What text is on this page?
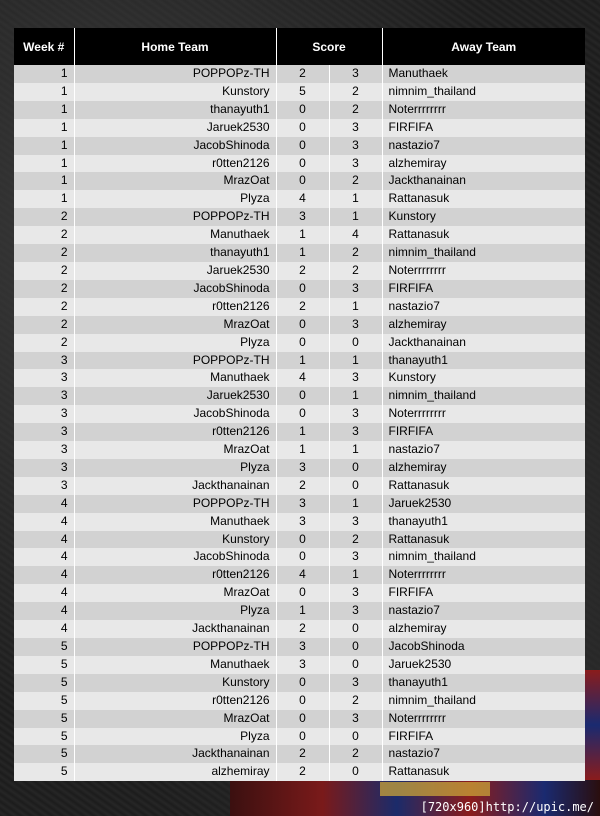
Week #	Home Team	Score		Away Team
1	POPPOPz-TH	2	3	Manuthaek
1	Kunstory	5	2	nimnim_thailand
1	thanayuth1	0	2	Noterrrrrrrr
1	Jaruek2530	0	3	FIRFIFA
1	JacobShinoda	0	3	nastazio7
1	r0tten2126	0	3	alzhemiray
1	MrazOat	0	2	Jackthanainan
1	Plyza	4	1	Rattanasuk
2	POPPOPz-TH	3	1	Kunstory
2	Manuthaek	1	4	Rattanasuk
2	thanayuth1	1	2	nimnim_thailand
2	Jaruek2530	2	2	Noterrrrrrrr
2	JacobShinoda	0	3	FIRFIFA
2	r0tten2126	2	1	nastazio7
2	MrazOat	0	3	alzhemiray
2	Plyza	0	0	Jackthanainan
3	POPPOPz-TH	1	1	thanayuth1
3	Manuthaek	4	3	Kunstory
3	Jaruek2530	0	1	nimnim_thailand
3	JacobShinoda	0	3	Noterrrrrrrr
3	r0tten2126	1	3	FIRFIFA
3	MrazOat	1	1	nastazio7
3	Plyza	3	0	alzhemiray
3	Jackthanainan	2	0	Rattanasuk
4	POPPOPz-TH	3	1	Jaruek2530
4	Manuthaek	3	3	thanayuth1
4	Kunstory	0	2	Rattanasuk
4	JacobShinoda	0	3	nimnim_thailand
4	r0tten2126	4	1	Noterrrrrrrr
4	MrazOat	0	3	FIRFIFA
4	Plyza	1	3	nastazio7
4	Jackthanainan	2	0	alzhemiray
5	POPPOPz-TH	3	0	JacobShinoda
5	Manuthaek	3	0	Jaruek2530
5	Kunstory	0	3	thanayuth1
5	r0tten2126	0	2	nimnim_thailand
5	MrazOat	0	3	Noterrrrrrrr
5	Plyza	0	0	FIRFIFA
5	Jackthanainan	2	2	nastazio7
5	alzhemiray	2	0	Rattanasuk
[720x960]http://upic.me/
